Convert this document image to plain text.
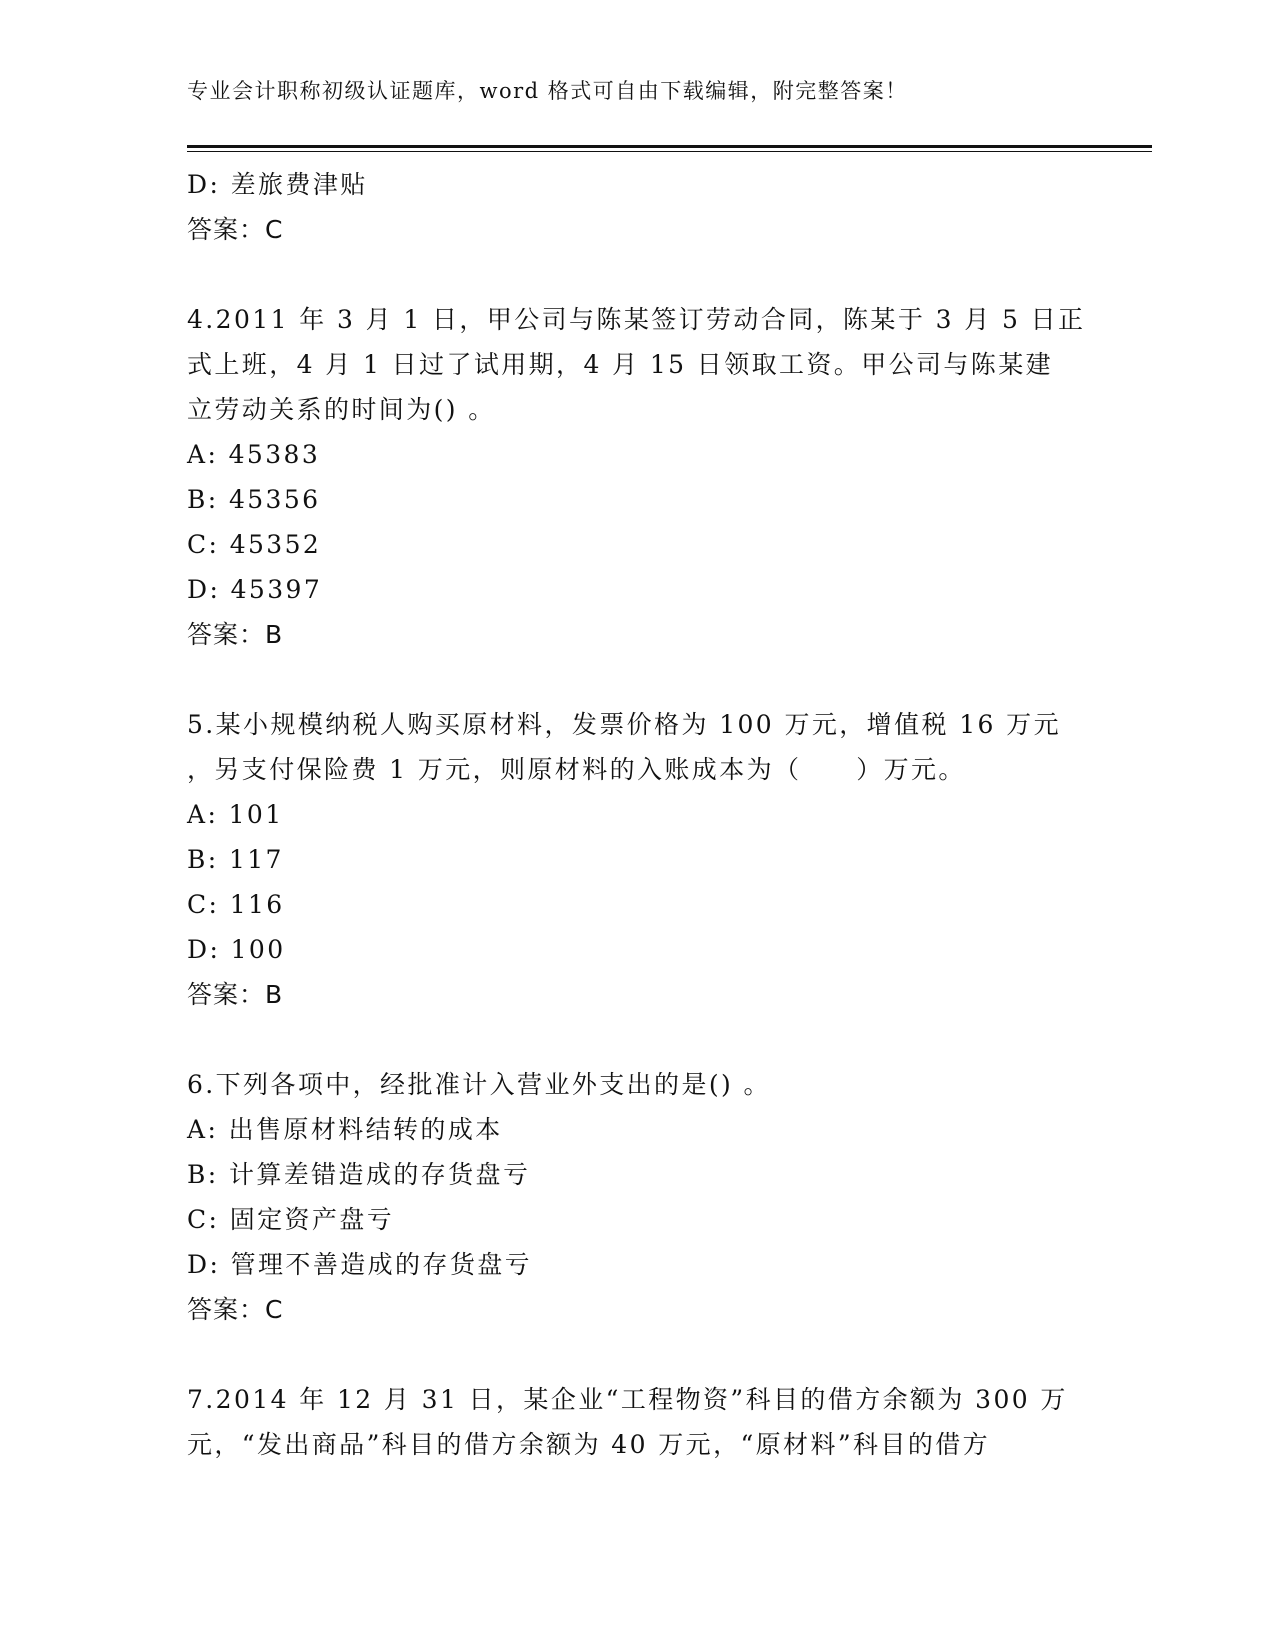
专业会计职称初级认证题库，word 格式可自由下载编辑，附完整答案！
D: 差旅费津贴
答案：C
4.2011 年 3 月 1 日，甲公司与陈某签订劳动合同，陈某于 3 月 5 日正
式上班，4 月 1 日过了试用期，4 月 15 日领取工资。甲公司与陈某建
立劳动关系的时间为() 。
A: 45383
B: 45356
C: 45352
D: 45397
答案：B
5.某小规模纳税人购买原材料，发票价格为 100 万元，增值税 16 万元
，另支付保险费 1 万元，则原材料的入账成本为（　　）万元。
A: 101
B: 117
C: 116
D: 100
答案：B
6.下列各项中，经批准计入营业外支出的是() 。
A: 出售原材料结转的成本
B: 计算差错造成的存货盘亏
C: 固定资产盘亏
D: 管理不善造成的存货盘亏
答案：C
7.2014 年 12 月 31 日，某企业“工程物资”科目的借方余额为 300 万
元，“发出商品”科目的借方余额为 40 万元，“原材料”科目的借方
